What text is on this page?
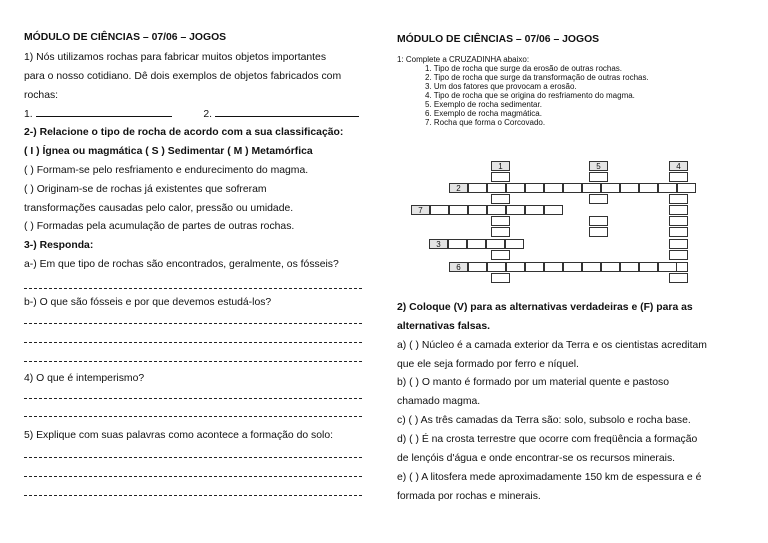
MÓDULO DE CIÊNCIAS – 07/06 – JOGOS
1) Nós utilizamos rochas para fabricar muitos objetos importantes
para o nosso cotidiano. Dê dois exemplos de objetos fabricados com
rochas:
1.	2.
2-) Relacione o tipo de rocha de acordo com a sua classificação:
( I ) Ígnea ou magmática ( S ) Sedimentar ( M ) Metamórfica
( ) Formam-se pelo resfriamento e endurecimento do magma.
( ) Originam-se de rochas já existentes que sofreram
transformações causadas pelo calor, pressão ou umidade.
( ) Formadas pela acumulação de partes de outras rochas.
3-) Responda:
a-) Em que tipo de rochas são encontrados, geralmente, os fósseis?
b-) O que são fósseis e por que devemos estudá-los?
4) O que é intemperismo?
5) Explique com suas palavras como acontece a formação do solo:
MÓDULO DE CIÊNCIAS – 07/06 – JOGOS
1: Complete a CRUZADINHA abaixo:
1. Tipo de rocha que surge da erosão de outras rochas.
2. Tipo de rocha que surge da transformação de outras rochas.
3. Um dos fatores que provocam a erosão.
4. Tipo de rocha que se origina do resfriamento do magma.
5. Exemplo de rocha sedimentar.
6. Exemplo de rocha magmática.
7. Rocha que forma o Corcovado.
1	5	4
2
7
3
6
2) Coloque (V) para as alternativas verdadeiras e (F) para as
alternativas falsas.
a) ( ) Núcleo é a camada exterior da Terra e os cientistas acreditam
que ele seja formado por ferro e níquel.
b) ( ) O manto é formado por um material quente e pastoso
chamado magma.
c) ( ) As três camadas da Terra são: solo, subsolo e rocha base.
d) ( ) É na crosta terrestre que ocorre com freqüência a formação
de lençóis d'água e onde encontrar-se os recursos minerais.
e) ( ) A litosfera mede aproximadamente 150 km de espessura e é
formada por rochas e minerais.
